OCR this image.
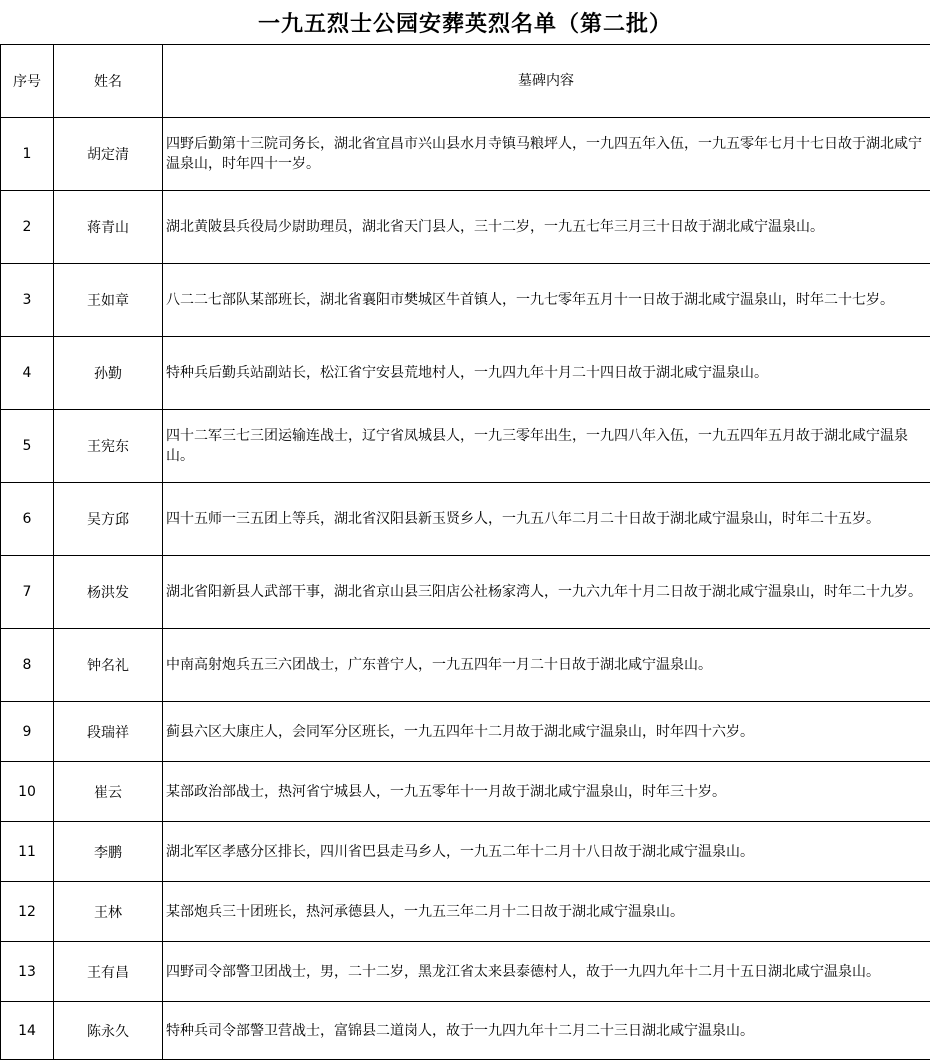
一九五烈士公园安葬英烈名单（第二批）
序号	姓名	墓碑内容
1	胡定清	四野后勤第十三院司务长，湖北省宜昌市兴山县水月寺镇马粮坪人，一九四五年入伍，一九五零年七月十七日故于湖北咸宁温泉山，时年四十一岁。
2	蒋青山	湖北黄陂县兵役局少尉助理员，湖北省天门县人，三十二岁，一九五七年三月三十日故于湖北咸宁温泉山。
3	王如章	八二二七部队某部班长，湖北省襄阳市樊城区牛首镇人，一九七零年五月十一日故于湖北咸宁温泉山，时年二十七岁。
4	孙勤	特种兵后勤兵站副站长，松江省宁安县荒地村人，一九四九年十月二十四日故于湖北咸宁温泉山。
5	王宪东	四十二军三七三团运输连战士，辽宁省凤城县人，一九三零年出生，一九四八年入伍，一九五四年五月故于湖北咸宁温泉山。
6	吴方邱	四十五师一三五团上等兵，湖北省汉阳县新玉贤乡人，一九五八年二月二十日故于湖北咸宁温泉山，时年二十五岁。
7	杨洪发	湖北省阳新县人武部干事，湖北省京山县三阳店公社杨家湾人，一九六九年十月二日故于湖北咸宁温泉山，时年二十九岁。
8	钟名礼	中南高射炮兵五三六团战士，广东普宁人，一九五四年一月二十日故于湖北咸宁温泉山。
9	段瑞祥	蓟县六区大康庄人，会同军分区班长，一九五四年十二月故于湖北咸宁温泉山，时年四十六岁。
10	崔云	某部政治部战士，热河省宁城县人，一九五零年十一月故于湖北咸宁温泉山，时年三十岁。
11	李鹏	湖北军区孝感分区排长，四川省巴县走马乡人，一九五二年十二月十八日故于湖北咸宁温泉山。
12	王林	某部炮兵三十团班长，热河承德县人，一九五三年二月十二日故于湖北咸宁温泉山。
13	王有昌	四野司令部警卫团战士，男，二十二岁，黑龙江省太来县泰德村人，故于一九四九年十二月十五日湖北咸宁温泉山。
14	陈永久	特种兵司令部警卫营战士，富锦县二道岗人，故于一九四九年十二月二十三日湖北咸宁温泉山。
